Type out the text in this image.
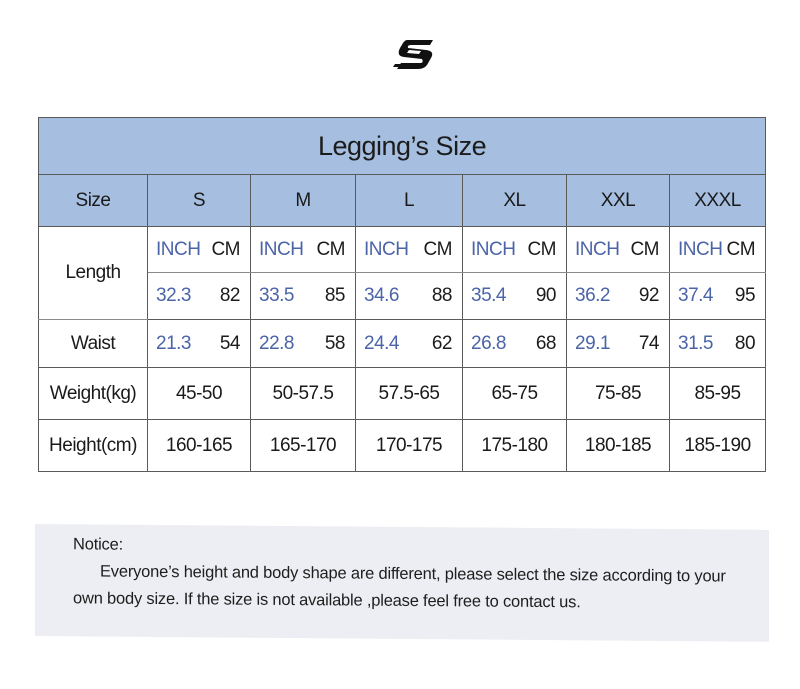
Legging’s Size						
Size	S	M	L	XL	XXL	XXXL
Length	INCH CM	INCH CM	INCH CM	INCH CM	INCH CM	INCH CM

	32.3 82	33.5 85	34.6 88	35.4 90	36.2 92	37.4 95

Waist	21.3 54	22.8 58	24.4 62	26.8 68	29.1 74	31.5 80

Weight(kg)	45-50	50-57.5	57.5-65	65-75	75-85	85-95
Height(cm)	160-165	165-170	170-175	175-180	180-185	185-190
Notice:
Everyone’s height and body shape are different, please select the size according to your own body size. If the size is not available ,please feel free to contact us.
